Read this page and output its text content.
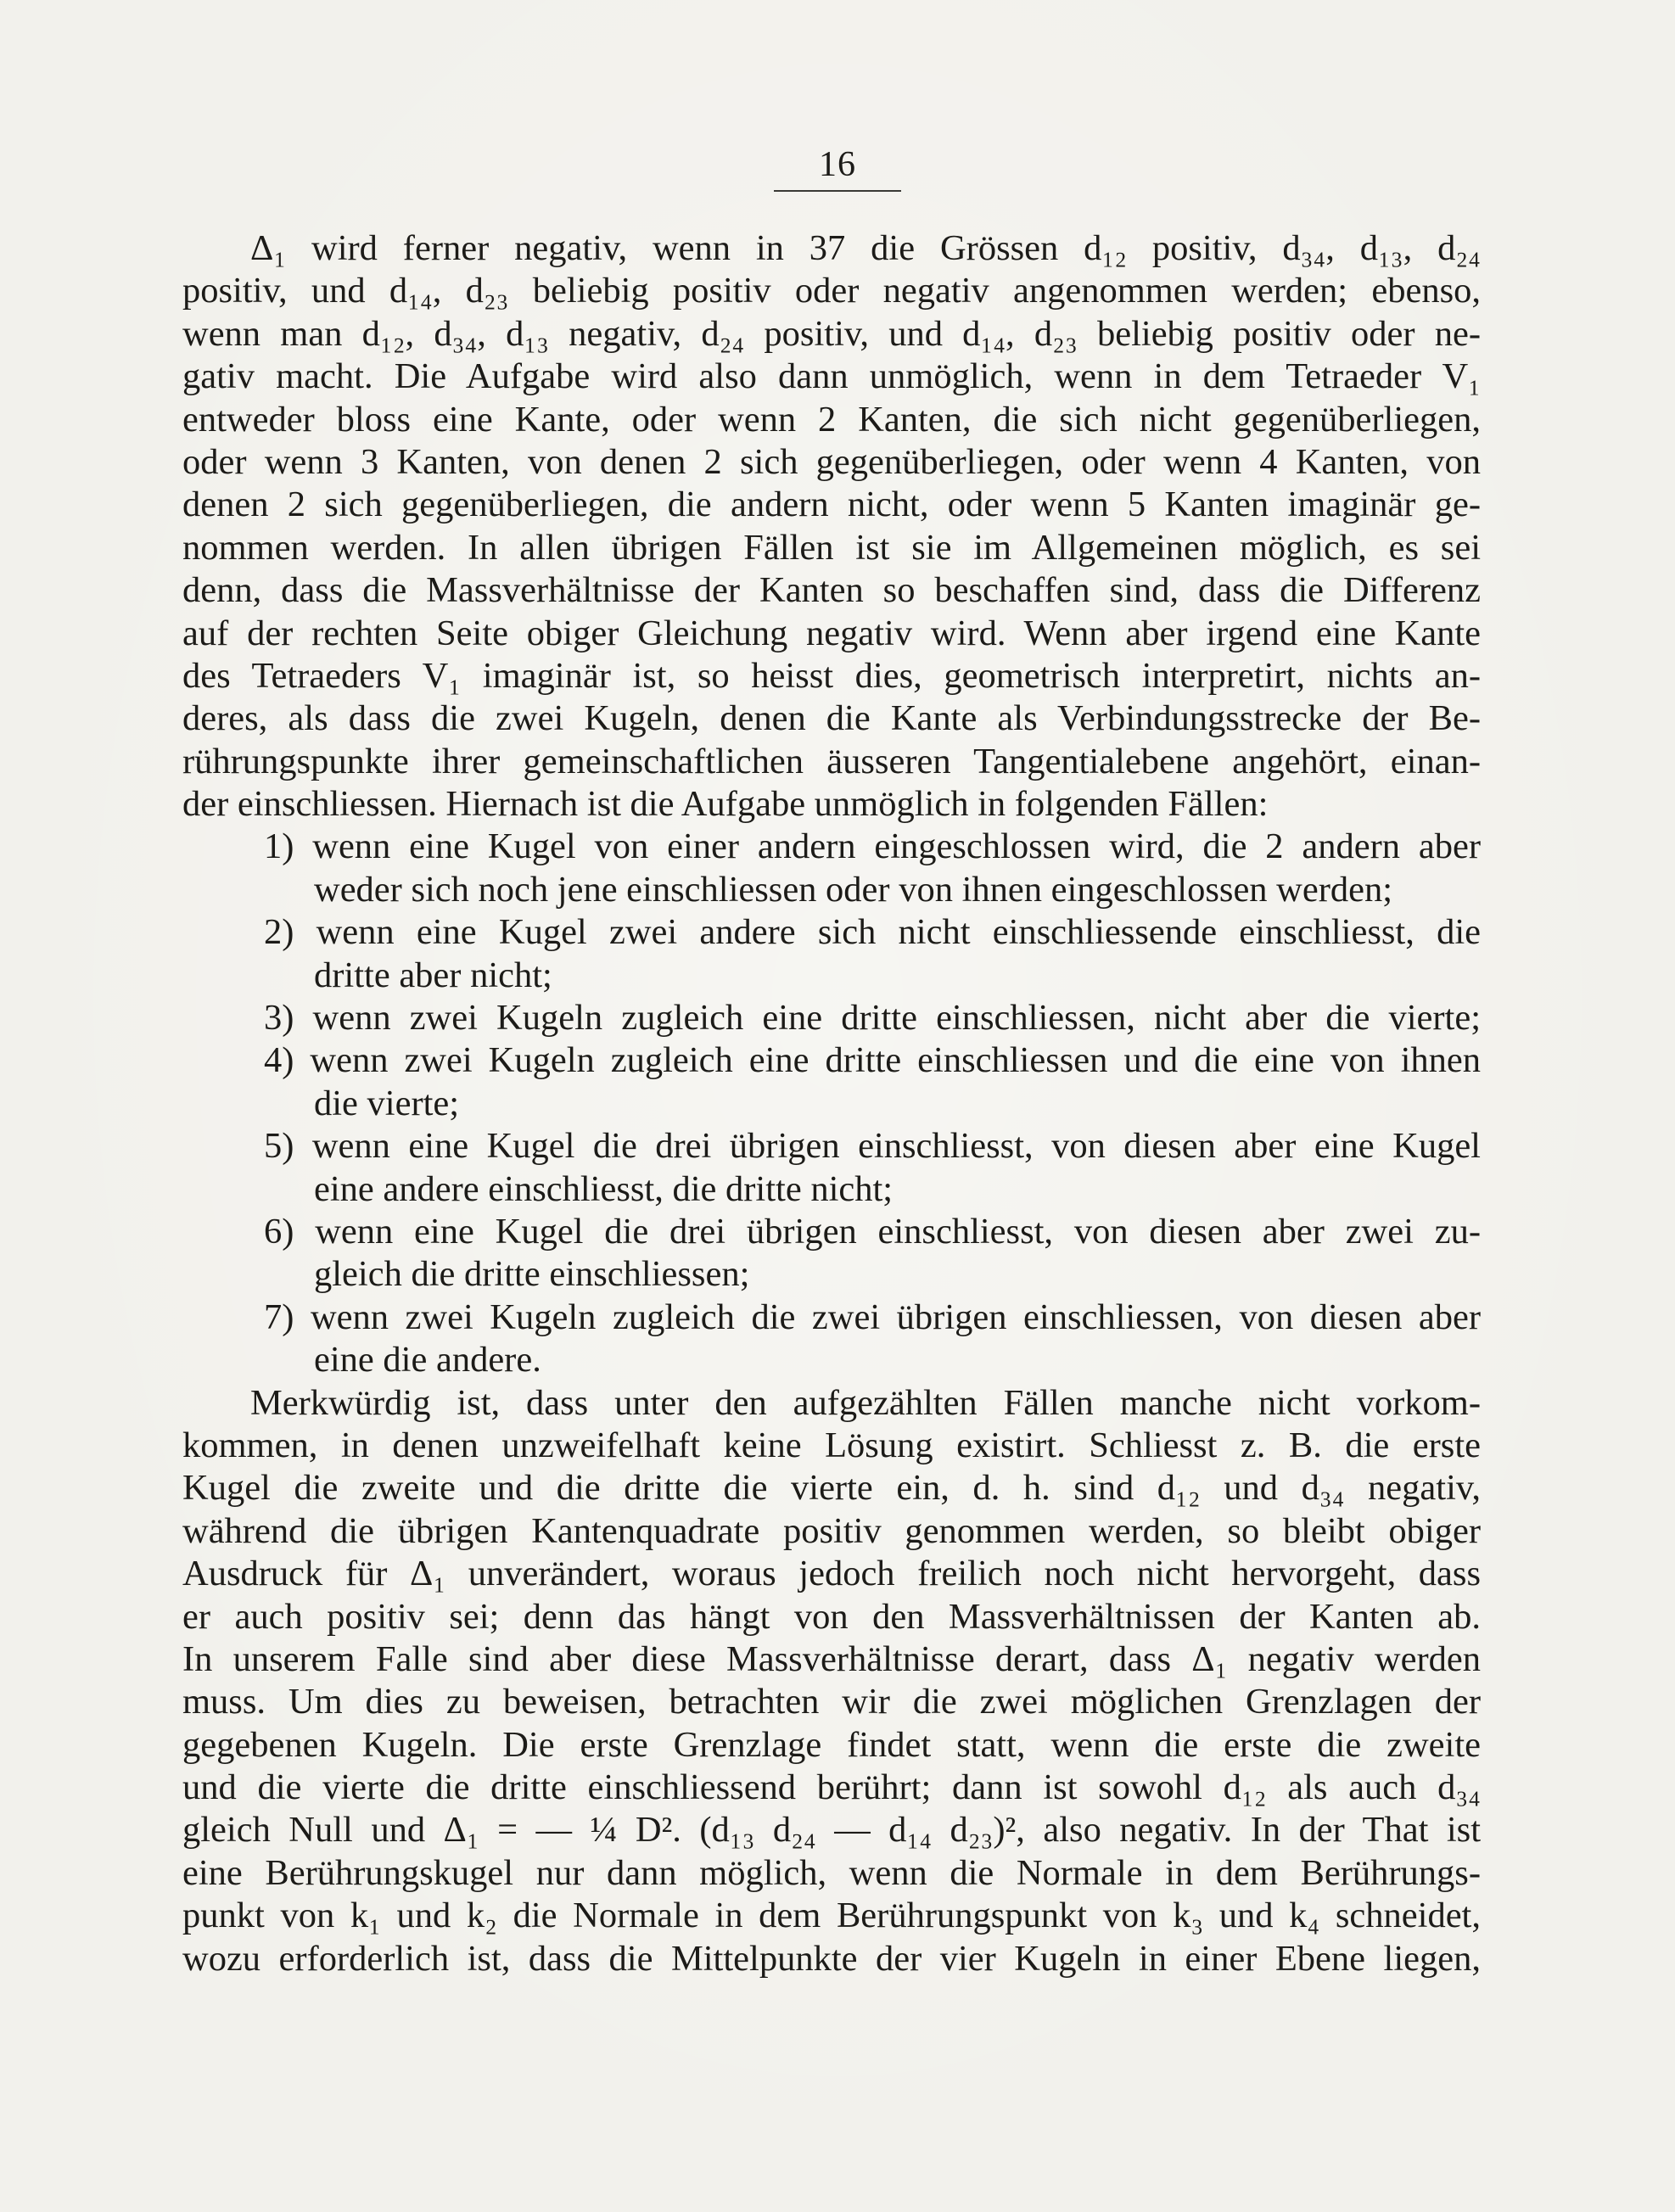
16
Δ₁ wird ferner negativ, wenn in 37 die Grössen d₁₂ positiv, d₃₄, d₁₃, d₂₄
positiv, und d₁₄, d₂₃ beliebig positiv oder negativ angenommen werden; ebenso,
wenn man d₁₂, d₃₄, d₁₃ negativ, d₂₄ positiv, und d₁₄, d₂₃ beliebig positiv oder ne-
gativ macht. Die Aufgabe wird also dann unmöglich, wenn in dem Tetraeder V₁
entweder bloss eine Kante, oder wenn 2 Kanten, die sich nicht gegenüberliegen,
oder wenn 3 Kanten, von denen 2 sich gegenüberliegen, oder wenn 4 Kanten, von
denen 2 sich gegenüberliegen, die andern nicht, oder wenn 5 Kanten imaginär ge-
nommen werden. In allen übrigen Fällen ist sie im Allgemeinen möglich, es sei
denn, dass die Massverhältnisse der Kanten so beschaffen sind, dass die Differenz
auf der rechten Seite obiger Gleichung negativ wird. Wenn aber irgend eine Kante
des Tetraeders V₁ imaginär ist, so heisst dies, geometrisch interpretirt, nichts an-
deres, als dass die zwei Kugeln, denen die Kante als Verbindungsstrecke der Be-
rührungspunkte ihrer gemeinschaftlichen äusseren Tangentialebene angehört, einan-
der einschliessen. Hiernach ist die Aufgabe unmöglich in folgenden Fällen:
1) wenn eine Kugel von einer andern eingeschlossen wird, die 2 andern aber
weder sich noch jene einschliessen oder von ihnen eingeschlossen werden;
2) wenn eine Kugel zwei andere sich nicht einschliessende einschliesst, die
dritte aber nicht;
3) wenn zwei Kugeln zugleich eine dritte einschliessen, nicht aber die vierte;
4) wenn zwei Kugeln zugleich eine dritte einschliessen und die eine von ihnen
die vierte;
5) wenn eine Kugel die drei übrigen einschliesst, von diesen aber eine Kugel
eine andere einschliesst, die dritte nicht;
6) wenn eine Kugel die drei übrigen einschliesst, von diesen aber zwei zu-
gleich die dritte einschliessen;
7) wenn zwei Kugeln zugleich die zwei übrigen einschliessen, von diesen aber
eine die andere.
Merkwürdig ist, dass unter den aufgezählten Fällen manche nicht vorkom-
kommen, in denen unzweifelhaft keine Lösung existirt. Schliesst z. B. die erste
Kugel die zweite und die dritte die vierte ein, d. h. sind d₁₂ und d₃₄ negativ,
während die übrigen Kantenquadrate positiv genommen werden, so bleibt obiger
Ausdruck für Δ₁ unverändert, woraus jedoch freilich noch nicht hervorgeht, dass
er auch positiv sei; denn das hängt von den Massverhältnissen der Kanten ab.
In unserem Falle sind aber diese Massverhältnisse derart, dass Δ₁ negativ werden
muss. Um dies zu beweisen, betrachten wir die zwei möglichen Grenzlagen der
gegebenen Kugeln. Die erste Grenzlage findet statt, wenn die erste die zweite
und die vierte die dritte einschliessend berührt; dann ist sowohl d₁₂ als auch d₃₄
gleich Null und Δ₁ = — ¼ D². (d₁₃ d₂₄ — d₁₄ d₂₃)², also negativ. In der That ist
eine Berührungskugel nur dann möglich, wenn die Normale in dem Berührungs-
punkt von k₁ und k₂ die Normale in dem Berührungspunkt von k₃ und k₄ schneidet,
wozu erforderlich ist, dass die Mittelpunkte der vier Kugeln in einer Ebene liegen,
